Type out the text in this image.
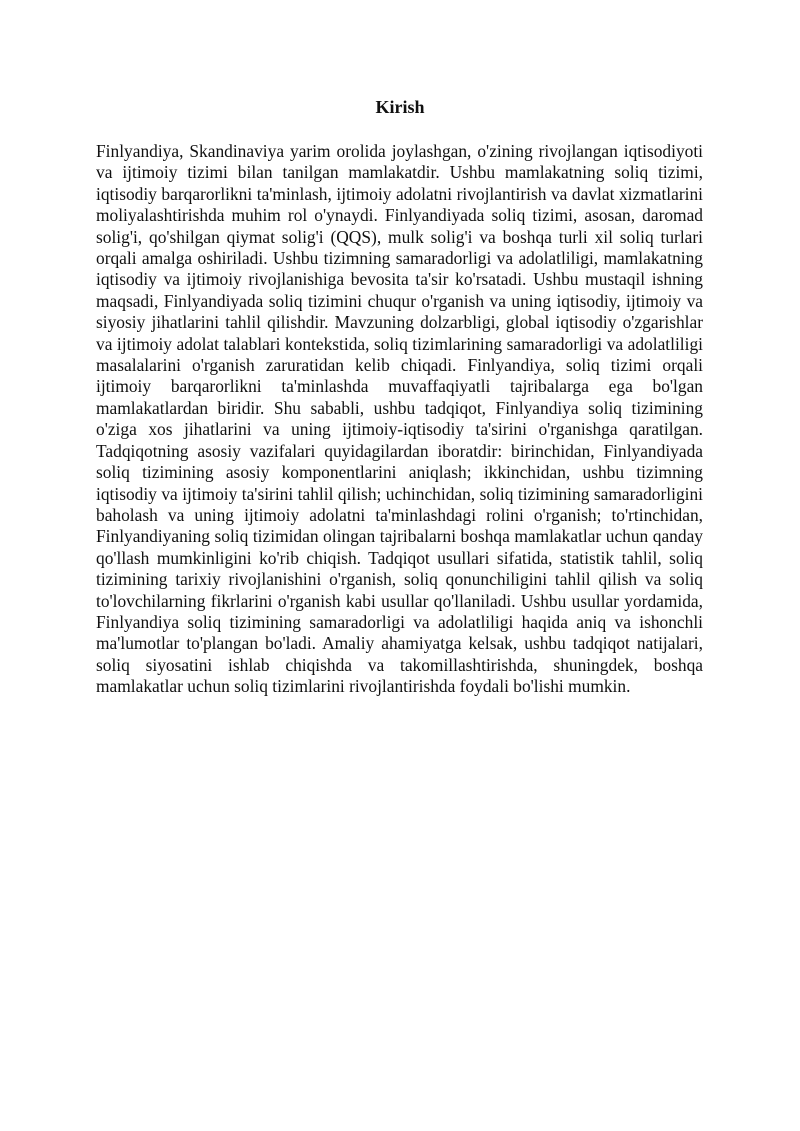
Kirish

Finlyandiya, Skandinaviya yarim orolida joylashgan, o'zining rivojlangan iqtisodiyoti va ijtimoiy tizimi bilan tanilgan mamlakatdir. Ushbu mamlakatning soliq tizimi, iqtisodiy barqarorlikni ta'minlash, ijtimoiy adolatni rivojlantirish va davlat xizmatlarini moliyalashtirishda muhim rol o'ynaydi. Finlyandiyada soliq tizimi, asosan, daromad solig'i, qo'shilgan qiymat solig'i (QQS), mulk solig'i va boshqa turli xil soliq turlari orqali amalga oshiriladi. Ushbu tizimning samaradorligi va adolatliligi, mamlakatning iqtisodiy va ijtimoiy rivojlanishiga bevosita ta'sir ko'rsatadi. Ushbu mustaqil ishning maqsadi, Finlyandiyada soliq tizimini chuqur o'rganish va uning iqtisodiy, ijtimoiy va siyosiy jihatlarini tahlil qilishdir. Mavzuning dolzarbligi, global iqtisodiy o'zgarishlar va ijtimoiy adolat talablari kontekstida, soliq tizimlarining samaradorligi va adolatliligi masalalarini o'rganish zaruratidan kelib chiqadi. Finlyandiya, soliq tizimi orqali ijtimoiy barqarorlikni ta'minlashda muvaffaqiyatli tajribalarga ega bo'lgan mamlakatlardan biridir. Shu sababli, ushbu tadqiqot, Finlyandiya soliq tizimining o'ziga xos jihatlarini va uning ijtimoiy-iqtisodiy ta'sirini o'rganishga qaratilgan. Tadqiqotning asosiy vazifalari quyidagilardan iboratdir: birinchidan, Finlyandiyada soliq tizimining asosiy komponentlarini aniqlash; ikkinchidan, ushbu tizimning iqtisodiy va ijtimoiy ta'sirini tahlil qilish; uchinchidan, soliq tizimining samaradorligini baholash va uning ijtimoiy adolatni ta'minlashdagi rolini o'rganish; to'rtinchidan, Finlyandiyaning soliq tizimidan olingan tajribalarni boshqa mamlakatlar uchun qanday qo'llash mumkinligini ko'rib chiqish. Tadqiqot usullari sifatida, statistik tahlil, soliq tizimining tarixiy rivojlanishini o'rganish, soliq qonunchiligini tahlil qilish va soliq to'lovchilarning fikrlarini o'rganish kabi usullar qo'llaniladi. Ushbu usullar yordamida, Finlyandiya soliq tizimining samaradorligi va adolatliligi haqida aniq va ishonchli ma'lumotlar to'plangan bo'ladi. Amaliy ahamiyatga kelsak, ushbu tadqiqot natijalari, soliq siyosatini ishlab chiqishda va takomillashtirishda, shuningdek, boshqa mamlakatlar uchun soliq tizimlarini rivojlantirishda foydali bo'lishi mumkin.
